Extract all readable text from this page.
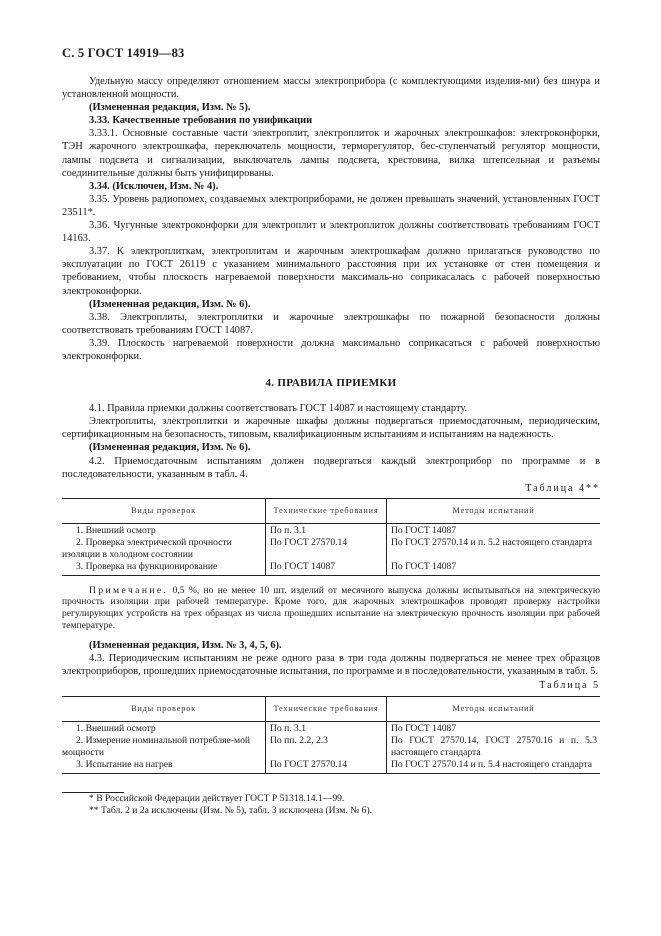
С. 5 ГОСТ 14919—83

Удельную массу определяют отношением массы электроприбора (с комплектующими изделия-ми) без шнура и установленной мощности.

(Измененная редакция, Изм. № 5).

3.33. Качественные требования по унификации

3.33.1. Основные составные части электроплит, электроплиток и жарочных электрошкафов: электроконфорки, ТЭН жарочного электрошкафа, переключатель мощности, терморегулятор, бес-ступенчатый регулятор мощности, лампы подсвета и сигнализации, выключатель лампы подсвета, крестовина, вилка штепсельная и разъемы соединительные должны быть унифицированы.

3.34. (Исключен, Изм. № 4).

3.35. Уровень радиопомех, создаваемых электроприборами, не должен превышать значений, установленных ГОСТ 23511*.

3.36. Чугунные электроконфорки для электроплит и электроплиток должны соответствовать требованиям ГОСТ 14163.

3.37. К электроплиткам, электроплитам и жарочным электрошкафам должно прилагаться руководство по эксплуатации по ГОСТ 26119 с указанием минимального расстояния при их установке от стен помещения и требованием, чтобы плоскость нагреваемой поверхности максималь-но соприкасалась с рабочей поверхностью электроконфорки.

(Измененная редакция, Изм. № 6).

3.38. Электроплиты, электроплитки и жарочные электрошкафы по пожарной безопасности должны соответствовать требованиям ГОСТ 14087.

3.39. Плоскость нагреваемой поверхности должна максимально соприкасаться с рабочей поверхностью электроконфорки.

4. ПРАВИЛА ПРИЕМКИ

4.1. Правила приемки должны соответствовать ГОСТ 14087 и настоящему стандарту.

Электроплиты, электроплитки и жарочные шкафы должны подвергаться приемосдаточным, периодическим, сертификационным на безопасность, типовым, квалификационным испытаниям и испытаниям на надежность.

(Измененная редакция, Изм. № 6).

4.2. Приемосдаточным испытаниям должен подвергаться каждый электроприбор по программе и в последовательности, указанным в табл. 4.

Таблица 4**
Виды проверок	Технические требования	Методы испытаний
1. Внешний осмотр	По п. 3.1	По ГОСТ 14087
2. Проверка электрической прочности изоляции в холодном состоянии	По ГОСТ 27570.14	По ГОСТ 27570.14 и п. 5.2 настоящего стандарта
3. Проверка на функционирование	По ГОСТ 14087	По ГОСТ 14087

Примечание. 0,5 %, но не менее 10 шт. изделий от месячного выпуска должны испытываться на электрическую прочность изоляции при рабочей температуре. Кроме того, для жарочных электрошкафов проводят проверку настройки регулирующих устройств на трех образцах из числа прошедших испытание на электрическую прочность изоляции при рабочей температуре.

(Измененная редакция, Изм. № 3, 4, 5, 6).

4.3. Периодическим испытаниям не реже одного раза в три года должны подвергаться не менее трех образцов электроприборов, прошедших приемосдаточные испытания, по программе и в последовательности, указанным в табл. 5.

Таблица 5
Виды проверок	Технические требования	Методы испытаний
1. Внешний осмотр	По п. 3.1	По ГОСТ 14087
2. Измерение номинальной потребляе-мой мощности	По пп. 2.2, 2.3	По ГОСТ 27570.14, ГОСТ 27570.16 и п. 5.3 настоящего стандарта
3. Испытание на нагрев	По ГОСТ 27570.14	По ГОСТ 27570.14 и п. 5.4 настоящего стандарта

* В Российской Федерации действует ГОСТ Р 51318.14.1—99.

** Табл. 2 и 2а исключены (Изм. № 5), табл. 3 исключена (Изм. № 6).
